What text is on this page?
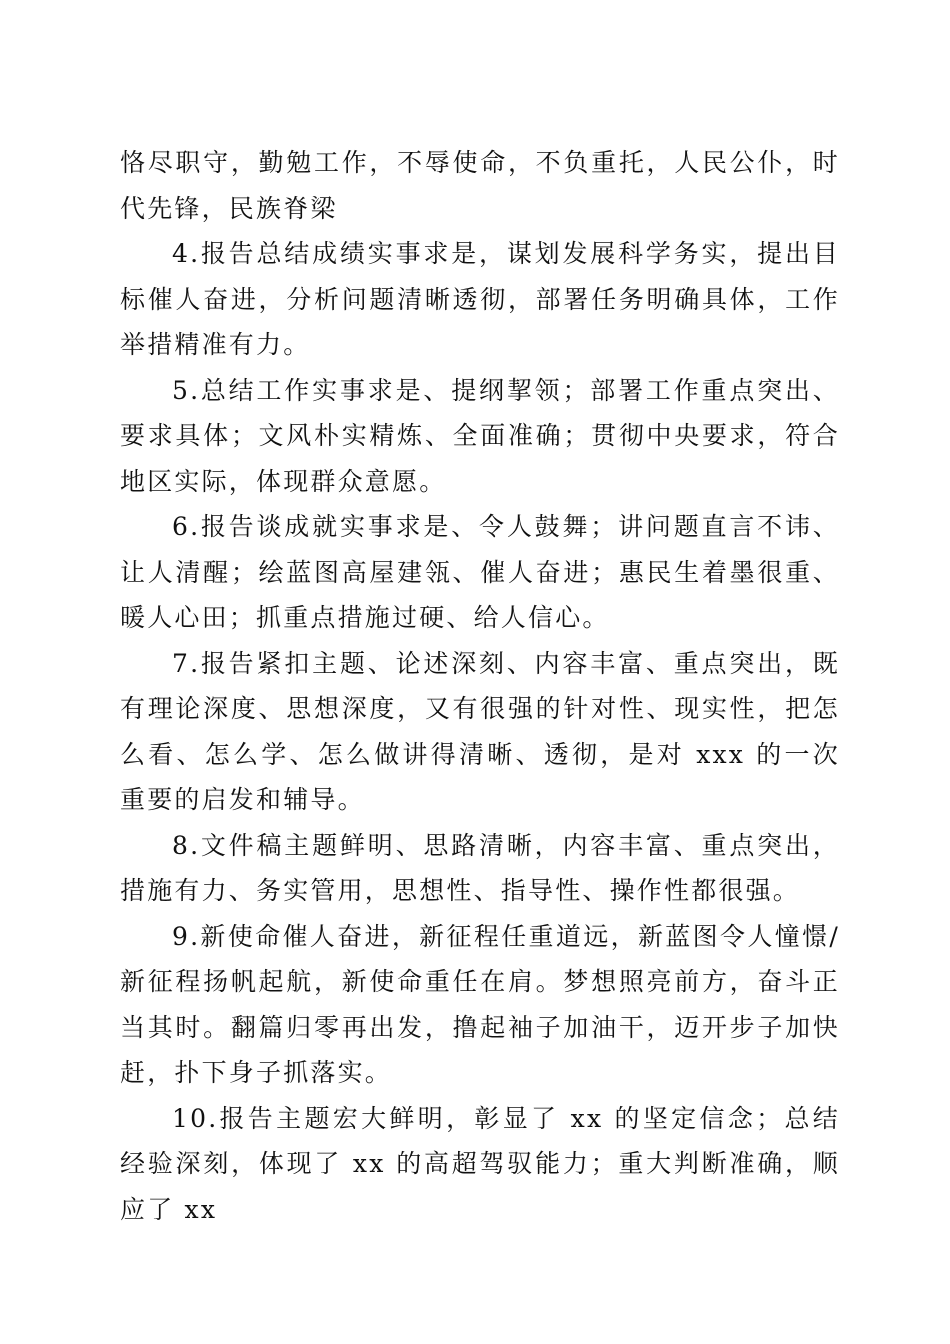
恪尽职守，勤勉工作，不辱使命，不负重托，人民公仆，时代先锋，民族脊梁

4.报告总结成绩实事求是，谋划发展科学务实，提出目标催人奋进，分析问题清晰透彻，部署任务明确具体，工作举措精准有力。

5.总结工作实事求是、提纲挈领；部署工作重点突出、要求具体；文风朴实精炼、全面准确；贯彻中央要求，符合地区实际，体现群众意愿。

6.报告谈成就实事求是、令人鼓舞；讲问题直言不讳、让人清醒；绘蓝图高屋建瓴、催人奋进；惠民生着墨很重、暖人心田；抓重点措施过硬、给人信心。

7.报告紧扣主题、论述深刻、内容丰富、重点突出，既有理论深度、思想深度，又有很强的针对性、现实性，把怎么看、怎么学、怎么做讲得清晰、透彻，是对 xxx 的一次重要的启发和辅导。

8.文件稿主题鲜明、思路清晰，内容丰富、重点突出，措施有力、务实管用，思想性、指导性、操作性都很强。

9.新使命催人奋进，新征程任重道远，新蓝图令人憧憬/新征程扬帆起航，新使命重任在肩。梦想照亮前方，奋斗正当其时。翻篇归零再出发，撸起袖子加油干，迈开步子加快赶，扑下身子抓落实。

10.报告主题宏大鲜明，彰显了 xx 的坚定信念；总结经验深刻，体现了 xx 的高超驾驭能力；重大判断准确，顺应了 xx
